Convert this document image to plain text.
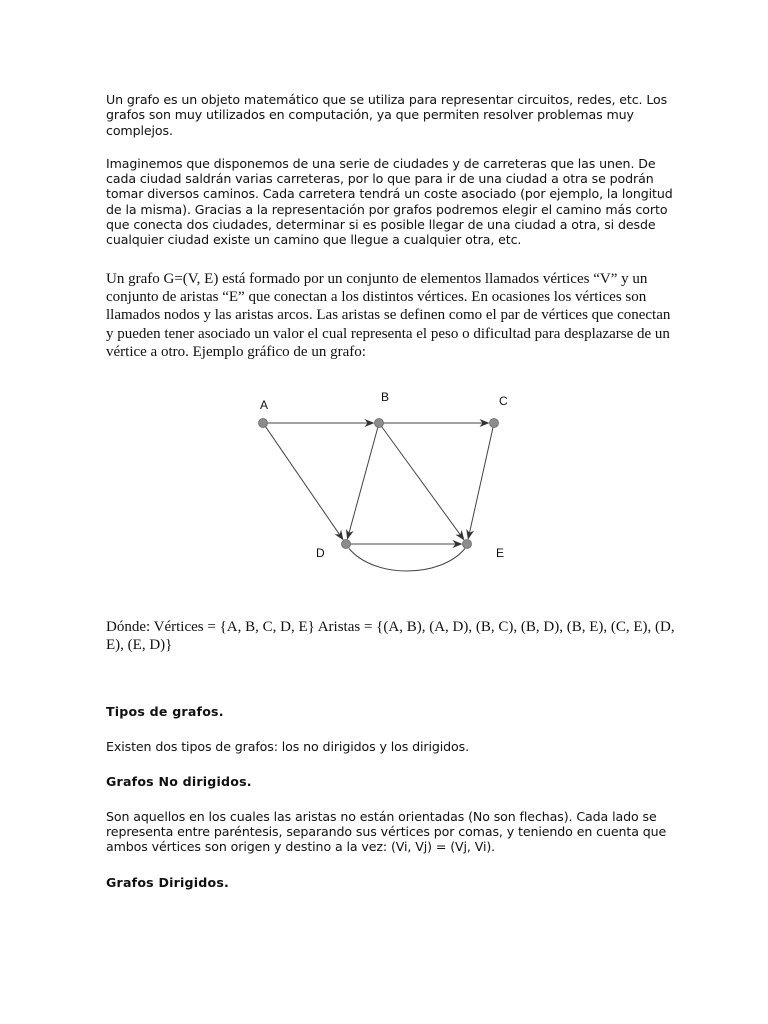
Un grafo es un objeto matemático que se utiliza para representar circuitos, redes, etc. Los grafos son muy utilizados en computación, ya que permiten resolver problemas muy complejos.

Imaginemos que disponemos de una serie de ciudades y de carreteras que las unen. De cada ciudad saldrán varias carreteras, por lo que para ir de una ciudad a otra se podrán tomar diversos caminos. Cada carretera tendrá un coste asociado (por ejemplo, la longitud de la misma). Gracias a la representación por grafos podremos elegir el camino más corto que conecta dos ciudades, determinar si es posible llegar de una ciudad a otra, si desde cualquier ciudad existe un camino que llegue a cualquier otra, etc.

Un grafo G=(V, E) está formado por un conjunto de elementos llamados vértices “V” y un conjunto de aristas “E” que conectan a los distintos vértices. En ocasiones los vértices son llamados nodos y las aristas arcos. Las aristas se definen como el par de vértices que conectan y pueden tener asociado un valor el cual representa el peso o dificultad para desplazarse de un vértice a otro. Ejemplo gráfico de un grafo:

A
B	C
D	E

Dónde: Vértices = {A, B, C, D, E} Aristas = {(A, B), (A, D), (B, C), (B, D), (B, E), (C, E), (D, E), (E, D)}

Tipos de grafos.

Existen dos tipos de grafos: los no dirigidos y los dirigidos.

Grafos No dirigidos.

Son aquellos en los cuales las aristas no están orientadas (No son flechas). Cada lado se representa entre paréntesis, separando sus vértices por comas, y teniendo en cuenta que ambos vértices son origen y destino a la vez: (Vi, Vj) = (Vj, Vi).

Grafos Dirigidos.
